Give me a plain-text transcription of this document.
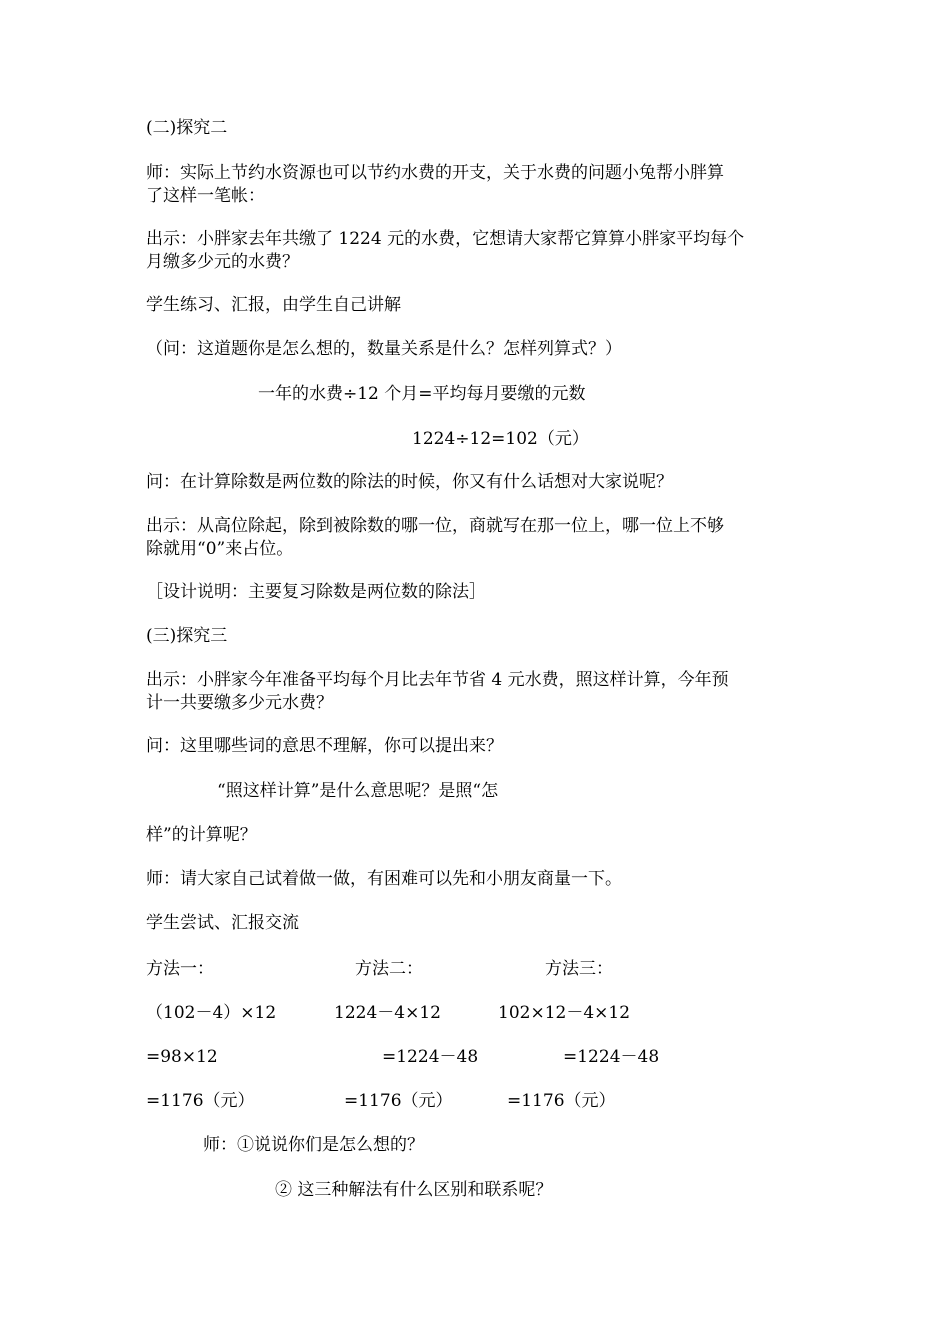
(二)探究二
师：实际上节约水资源也可以节约水费的开支，关于水费的问题小兔帮小胖算
了这样一笔帐：
出示：小胖家去年共缴了 1224 元的水费，它想请大家帮它算算小胖家平均每个
月缴多少元的水费？
学生练习、汇报，由学生自己讲解
（问：这道题你是怎么想的，数量关系是什么？怎样列算式？）
一年的水费÷12 个月=平均每月要缴的元数
1224÷12=102（元）
问：在计算除数是两位数的除法的时候，你又有什么话想对大家说呢？
出示：从高位除起，除到被除数的哪一位，商就写在那一位上，哪一位上不够
除就用“0”来占位。
［设计说明：主要复习除数是两位数的除法］
(三)探究三
出示：小胖家今年准备平均每个月比去年节省 4 元水费，照这样计算，今年预
计一共要缴多少元水费？
问：这里哪些词的意思不理解，你可以提出来？
“照这样计算”是什么意思呢？是照“怎
样”的计算呢？
师：请大家自己试着做一做，有困难可以先和小朋友商量一下。
学生尝试、汇报交流
方法一：	方法二：	方法三：
（102－4）×12	1224－4×12	102×12－4×12
=98×12	=1224－48	=1224－48
=1176（元）	=1176（元）	=1176（元）
师：①说说你们是怎么想的？
② 这三种解法有什么区别和联系呢？
